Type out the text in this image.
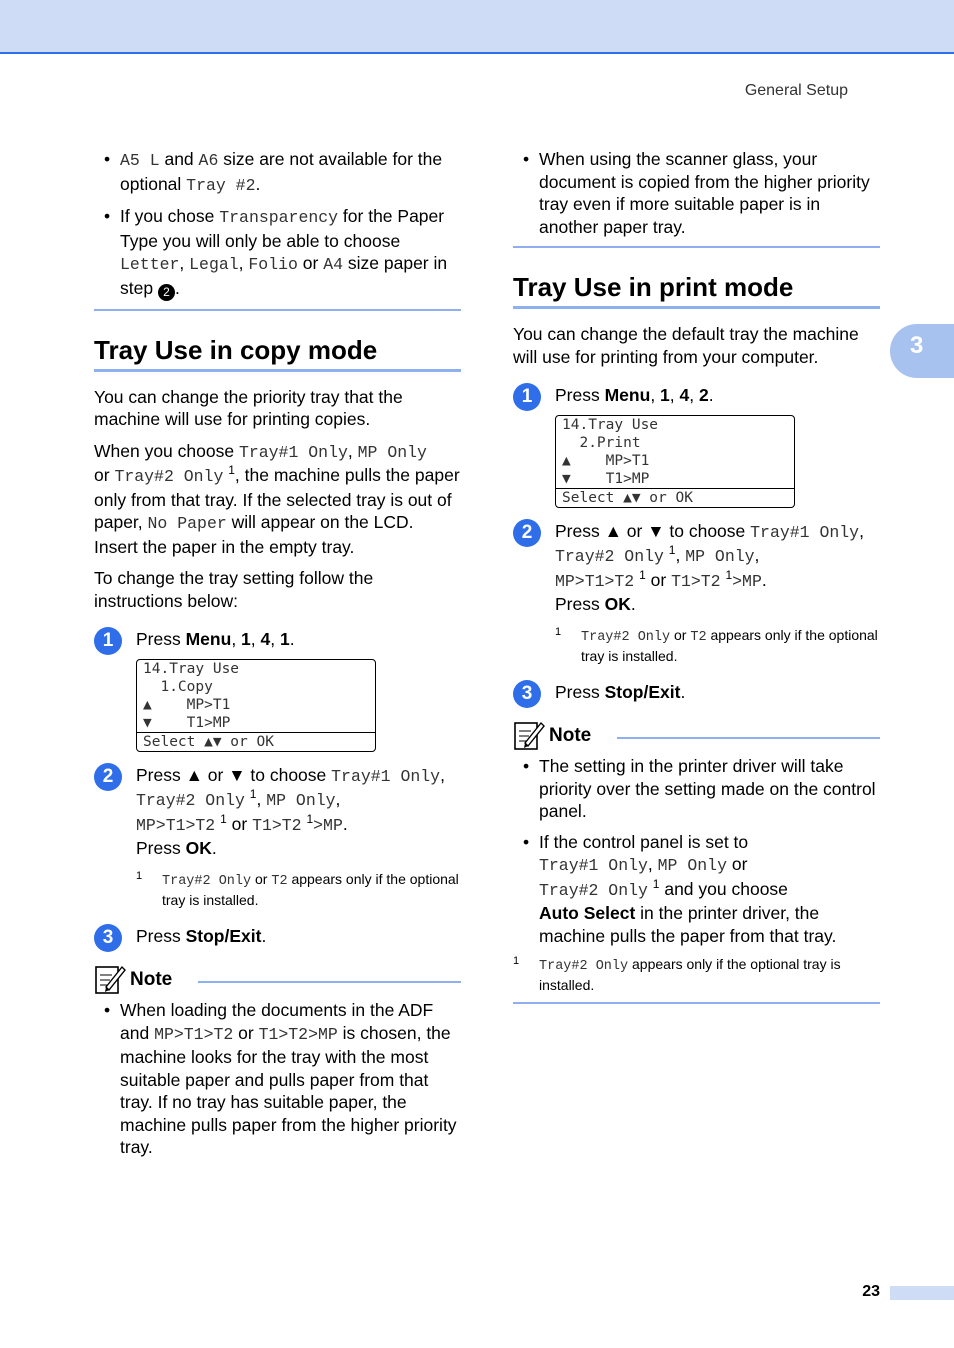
General Setup
3
• A5 L and A6 size are not available for the optional Tray #2.
• If you chose Transparency for the Paper Type you will only be able to choose Letter, Legal, Folio or A4 size paper in step 2 .
Tray Use in copy mode

You can change the priority tray that the machine will use for printing copies.

When you choose Tray#1 Only, MP Only
or Tray#2 Only $^1$, the machine pulls the paper only from that tray. If the selected tray is out of paper, No Paper will appear on the LCD. Insert the paper in the empty tray.

To change the tray setting follow the instructions below:

1	Press Menu, 1, 4, 1.
14.Tray Use
1.Copy
▲    MP>T1
▼    T1>MP
Select ▲▼ or OK
2	Press ▲ or ▼ to choose Tray#1 Only,
Tray#2 Only $^1$, MP Only,
MP>T1>T2 $^1$ or T1>T2 $^1$>MP.
Press OK.
1 Tray#2 Only or T2 appears only if the optional tray is installed.
3	Press Stop/Exit.
Note
• When loading the documents in the ADF and MP>T1>T2 or T1>T2>MP is chosen, the machine looks for the tray with the most suitable paper and pulls paper from that tray. If no tray has suitable paper, the machine pulls paper from the higher priority tray.
• When using the scanner glass, your document is copied from the higher priority tray even if more suitable paper is in another paper tray.
Tray Use in print mode

You can change the default tray the machine will use for printing from your computer.

1	Press Menu, 1, 4, 2.
14.Tray Use
2.Print
▲    MP>T1
▼    T1>MP
Select ▲▼ or OK
2	Press ▲ or ▼ to choose Tray#1 Only,
Tray#2 Only $^1$, MP Only,
MP>T1>T2 $^1$ or T1>T2 $^1$>MP.
Press OK.
1 Tray#2 Only or T2 appears only if the optional tray is installed.
3	Press Stop/Exit.
Note
• The setting in the printer driver will take priority over the setting made on the control panel.
• If the control panel is set to
Tray#1 Only, MP Only or
Tray#2 Only $^1$ and you choose
Auto Select in the printer driver, the machine pulls the paper from that tray.
1 Tray#2 Only appears only if the optional tray is installed.
23
